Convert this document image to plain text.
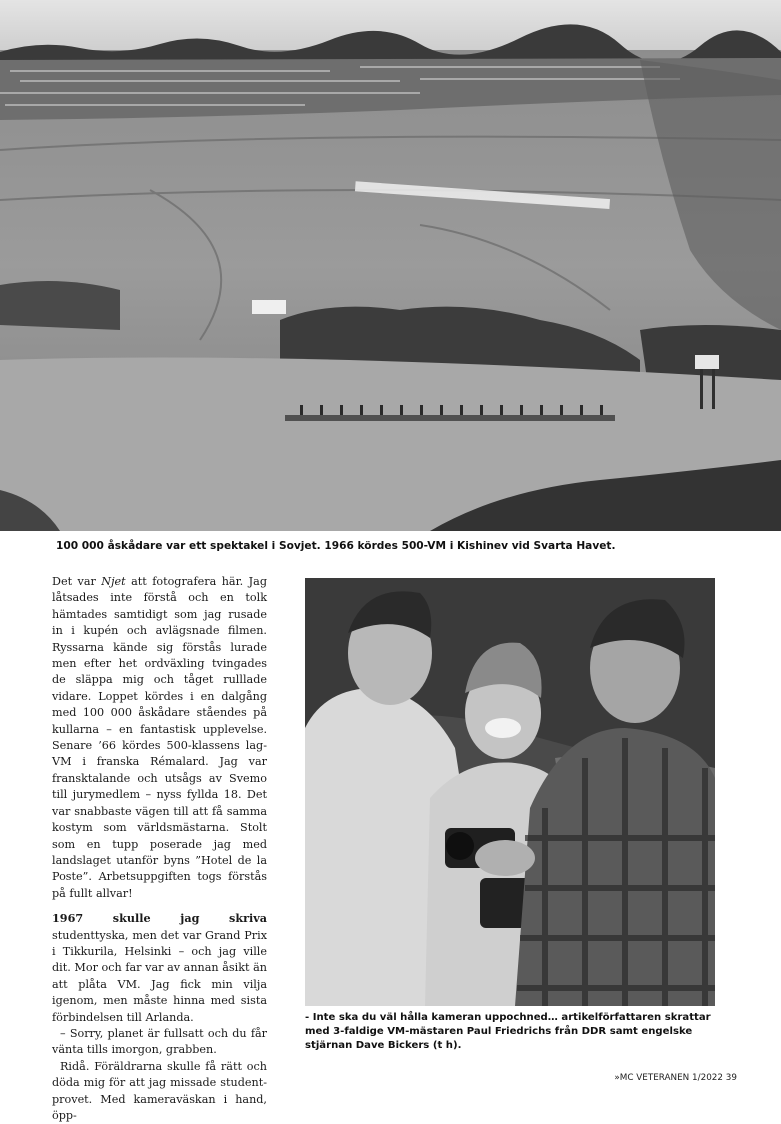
100 000 åskådare var ett spektakel i Sovjet. 1966 kördes 500-VM i Kishinev vid Svarta Havet.

Det var Njet att fotografera här. Jag låtsades inte förstå och en tolk hämtades samtidigt som jag rusade in i kupén och avlägsnade filmen. Ryssarna kände sig förstås lurade men efter het ordväxling tvingades de släppa mig och tåget rulllade vidare. Loppet kördes i en dalgång med 100 000 åskådare ståendes på kullarna – en fantastisk upplevelse. Senare ’66 kördes 500-klassens lag-VM i franska Rémalard. Jag var fransktalande och utsågs av Svemo till jurymedlem – nyss fyllda 18. Det var snabbaste vägen till att få samma kostym som världsmästarna. Stolt som en tupp poserade jag med landslaget utanför byns ”Hotel de la Poste”. Arbetsuppgiften togs förstås på fullt allvar!

1967 skulle jag skriva studenttyska, men det var Grand Prix i Tikkurila, Helsinki – och jag ville dit. Mor och far var av annan åsikt än att plåta VM. Jag fick min vilja igenom, men måste hinna med sista förbindelsen till Arlanda.

– Sorry, planet är fullsatt och du får vänta tills imorgon, grabben.

Ridå. Föräldrarna skulle få rätt och döda mig för att jag missade studentprovet. Med kameraväskan i hand, öpp-

- Inte ska du väl hålla kameran uppochned… artikelförfattaren skrattar med 3-faldige VM-mästaren Paul Friedrichs från DDR samt engelske stjärnan Dave Bickers (t h).
»MC VETERANEN 1/2022 39
